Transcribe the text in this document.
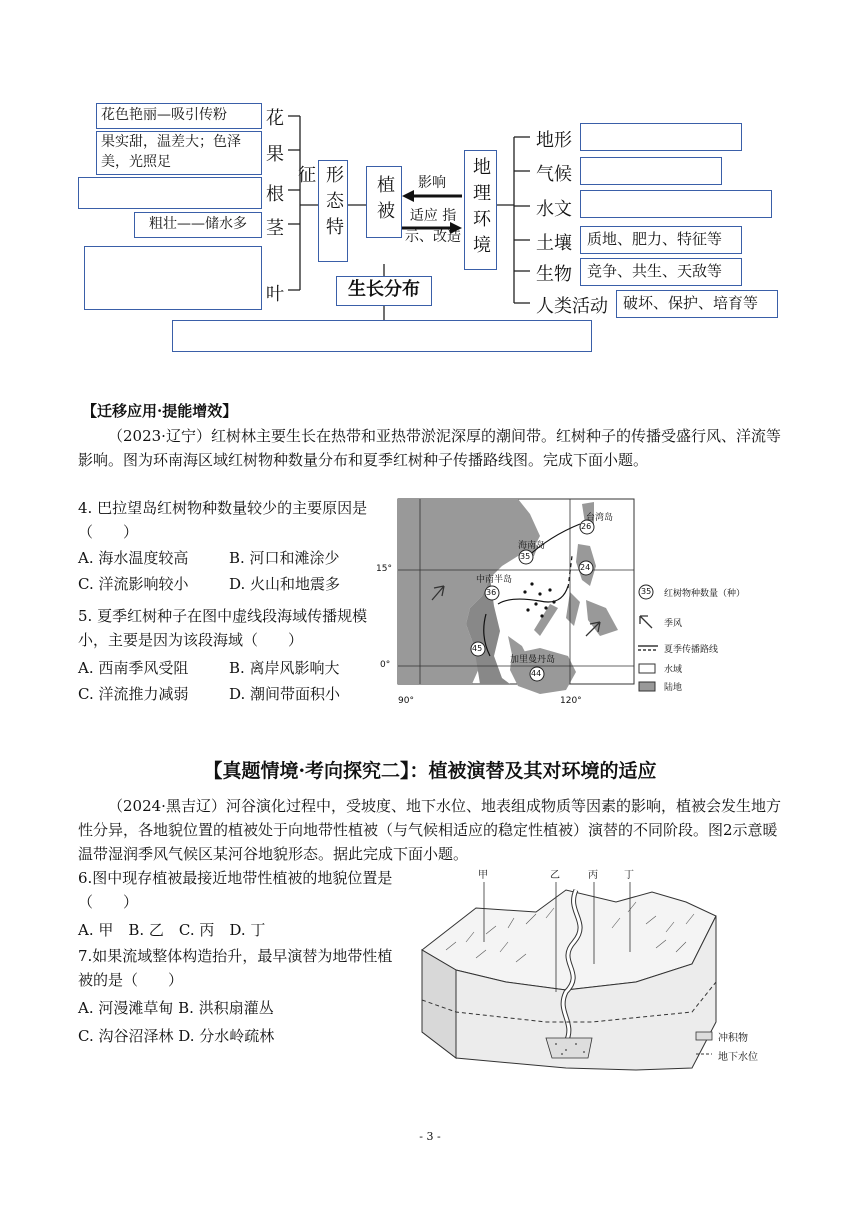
花色艳丽—吸引传粉
果实甜，温差大；色泽美，光照足
粗壮——储水多
花
果
根
茎
叶
形态特征	植被	地理环境
影响
适应 指示、改造
生长分布
地形
气候
水文
土壤
生物
人类活动
质地、肥力、特征等
竞争、共生、天敌等
破坏、保护、培育等
【迁移应用·提能增效】
（2023·辽宁）红树林主要生长在热带和亚热带淤泥深厚的潮间带。红树种子的传播受盛行风、洋流等影响。图为环南海区域红树物种数量分布和夏季红树种子传播路线图。完成下面小题。
4. 巴拉望岛红树物种数量较少的主要原因是（　　）
A. 海水温度较高	B. 河口和滩涂少
C. 洋流影响较小	D. 火山和地震多
5. 夏季红树种子在图中虚线段海域传播规模小，主要是因为该段海域（　　）
A. 西南季风受阻	B. 离岸风影响大
C. 洋流推力减弱	D. 潮间带面积小
台湾岛
海南岛
中南半岛
加里曼丹岛
26
35
36
24
45
44
15°
0°
90°	120°
35 红树物种数量（种）
季风
夏季传播路线
水域
陆地
【真题情境·考向探究二】：植被演替及其对环境的适应
（2024·黑吉辽）河谷演化过程中，受坡度、地下水位、地表组成物质等因素的影响，植被会发生地方性分异，各地貌位置的植被处于向地带性植被（与气候相适应的稳定性植被）演替的不同阶段。图2示意暖温带湿润季风气候区某河谷地貌形态。据此完成下面小题。
6.图中现存植被最接近地带性植被的地貌位置是（　　）
A. 甲　B. 乙　C. 丙　D. 丁
7.如果流域整体构造抬升，最早演替为地带性植被的是（　　）
A. 河漫滩草甸 B. 洪积扇灌丛
C. 沟谷沼泽林 D. 分水岭疏林
甲	乙	丙	丁
冲积物
地下水位
- 3 -
